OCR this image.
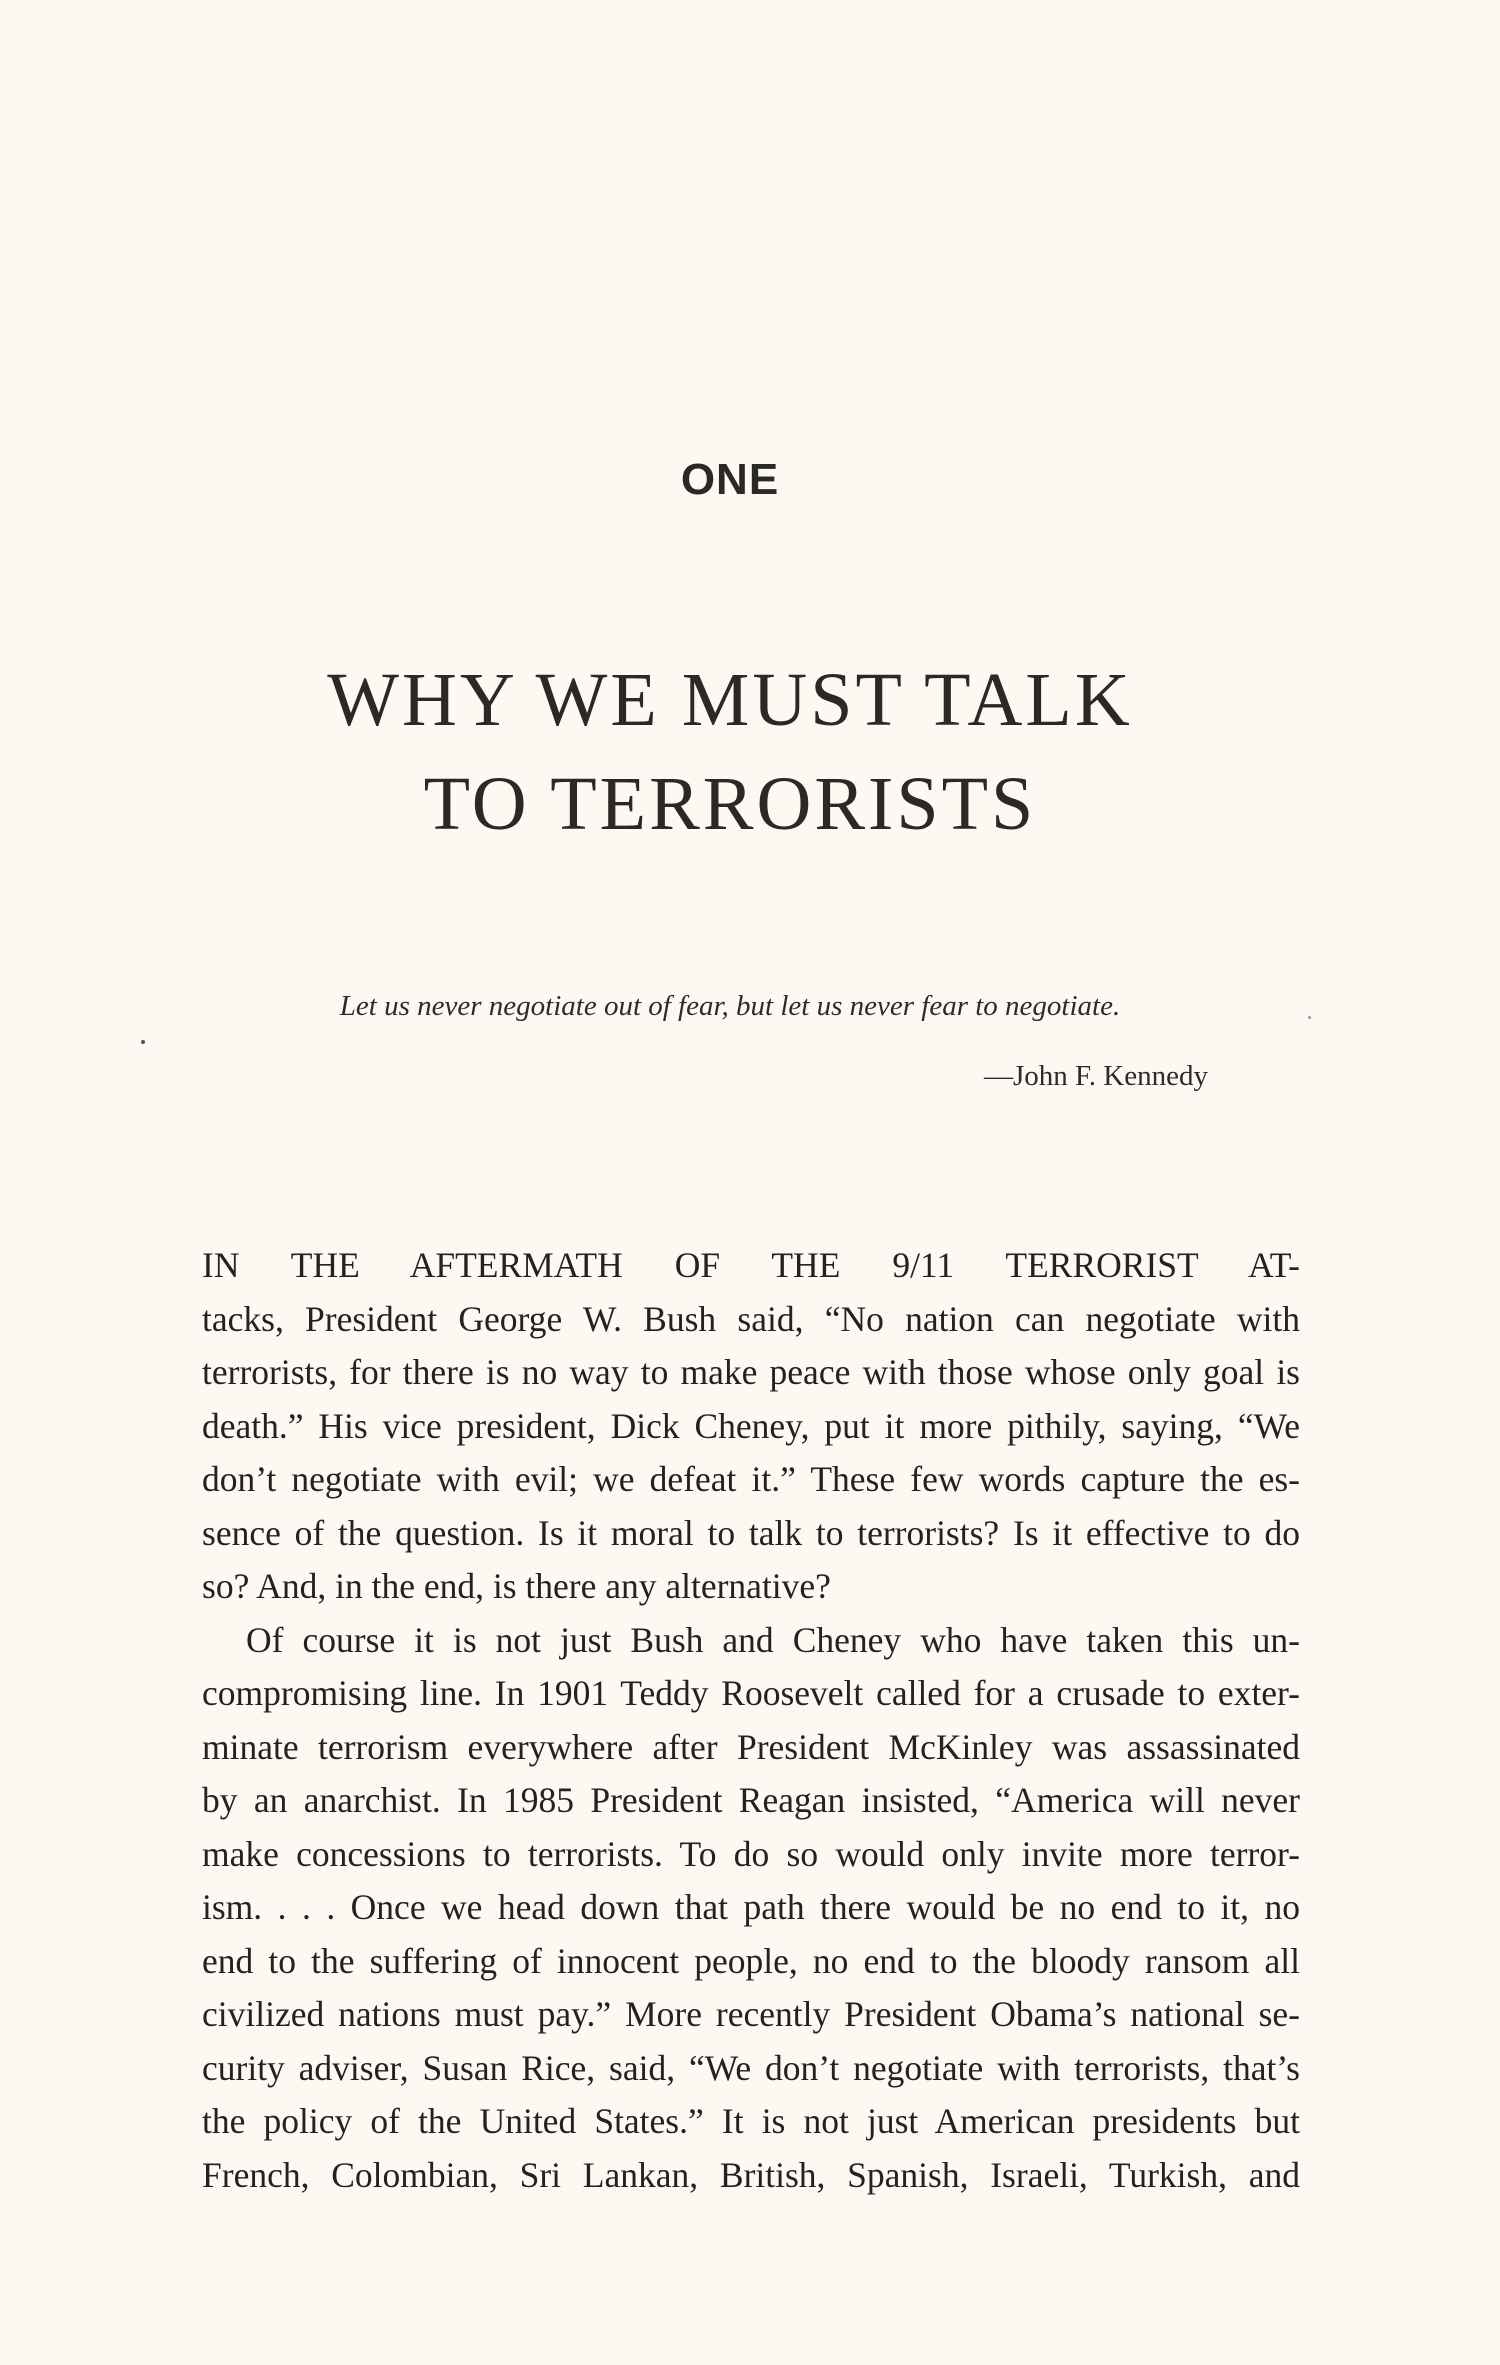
ONE
WHY WE MUST TALK
TO TERRORISTS
Let us never negotiate out of fear, but let us never fear to negotiate.
—John F. Kennedy
IN THE AFTERMATH OF THE 9/11 TERRORIST AT-
tacks, President George W. Bush said, “No nation can negotiate with
terrorists, for there is no way to make peace with those whose only goal is
death.” His vice president, Dick Cheney, put it more pithily, saying, “We
don’t negotiate with evil; we defeat it.” These few words capture the es-
sence of the question. Is it moral to talk to terrorists? Is it effective to do
so? And, in the end, is there any alternative?
Of course it is not just Bush and Cheney who have taken this un-
compromising line. In 1901 Teddy Roosevelt called for a crusade to exter-
minate terrorism everywhere after President McKinley was assassinated
by an anarchist. In 1985 President Reagan insisted, “America will never
make concessions to terrorists. To do so would only invite more terror-
ism. . . . Once we head down that path there would be no end to it, no
end to the suffering of innocent people, no end to the bloody ransom all
civilized nations must pay.” More recently President Obama’s national se-
curity adviser, Susan Rice, said, “We don’t negotiate with terrorists, that’s
the policy of the United States.” It is not just American presidents but
French, Colombian, Sri Lankan, British, Spanish, Israeli, Turkish, and
